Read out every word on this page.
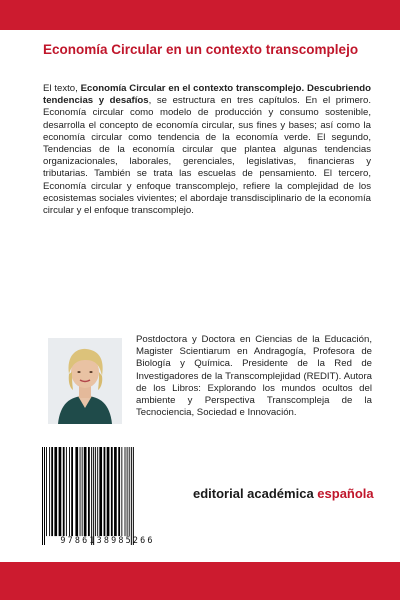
Economía Circular en un contexto transcomplejo

El texto, Economía Circular en el contexto transcomplejo. Descubriendo tendencias y desafíos, se estructura en tres capítulos. En el primero. Economía circular como modelo de producción y consumo sostenible, desarrolla el concepto de economía circular, sus fines y bases; así como la economía circular como tendencia de la economía verde. El segundo, Tendencias de la economía circular que plantea algunas tendencias organizacionales, laborales, gerenciales, legislativas, financieras y tributarias. También se trata las escuelas de pensamiento. El tercero, Economía circular y enfoque transcomplejo, refiere la complejidad de los ecosistemas sociales vivientes; el abordaje transdisciplinario de la economía circular y el enfoque transcomplejo.

Postdoctora y Doctora en Ciencias de la Educación, Magister Scientiarum en Andragogía, Profesora de Biología y Química. Presidente de la Red de Investigadores de la Transcomplejidad (REDIT). Autora de los Libros: Explorando los mundos ocultos del ambiente y Perspectiva Transcompleja de la Tecnociencia, Sociedad e Innovación.

9786138985266
editorial académica española
